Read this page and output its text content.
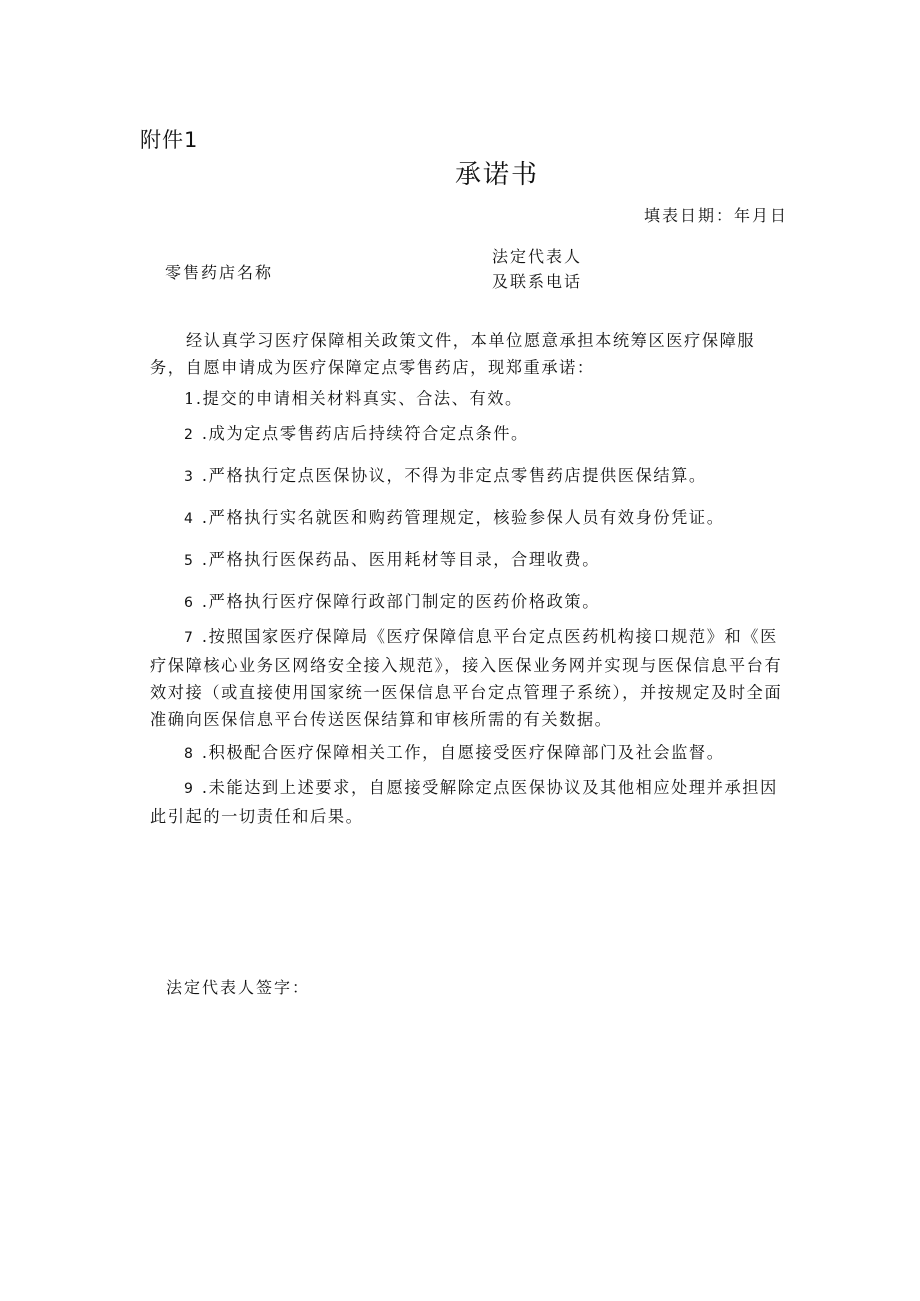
附件1
承诺书
填表日期：年月日
零售药店名称
法定代表人
及联系电话

经认真学习医疗保障相关政策文件，本单位愿意承担本统筹区医疗保障服务，自愿申请成为医疗保障定点零售药店，现郑重承诺：

1.提交的申请相关材料真实、合法、有效。

2 .成为定点零售药店后持续符合定点条件。

3 .严格执行定点医保协议，不得为非定点零售药店提供医保结算。

4 .严格执行实名就医和购药管理规定，核验参保人员有效身份凭证。

5 .严格执行医保药品、医用耗材等目录，合理收费。

6 .严格执行医疗保障行政部门制定的医药价格政策。

7 .按照国家医疗保障局《医疗保障信息平台定点医药机构接口规范》和《医疗保障核心业务区网络安全接入规范》，接入医保业务网并实现与医保信息平台有效对接（或直接使用国家统一医保信息平台定点管理子系统），并按规定及时全面准确向医保信息平台传送医保结算和审核所需的有关数据。

8 .积极配合医疗保障相关工作，自愿接受医疗保障部门及社会监督。

9 .未能达到上述要求，自愿接受解除定点医保协议及其他相应处理并承担因此引起的一切责任和后果。

法定代表人签字：
